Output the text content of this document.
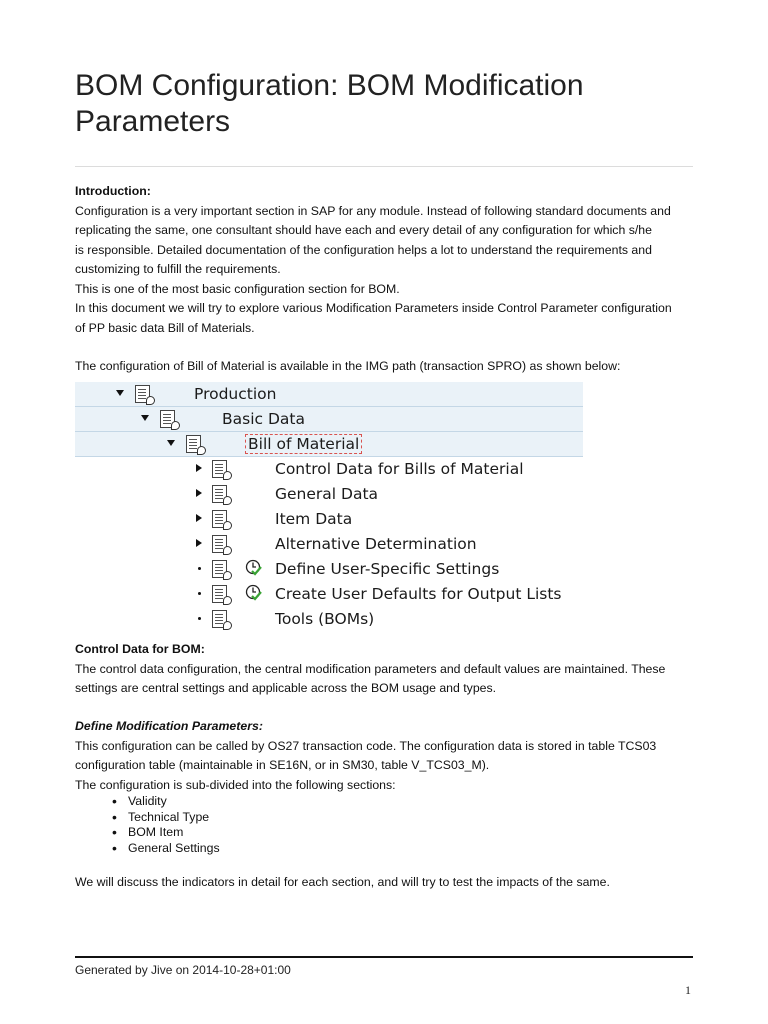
BOM Configuration: BOM Modification
Parameters
Introduction:
Configuration is a very important section in SAP for any module. Instead of following standard documents and
replicating the same, one consultant should have each and every detail of any configuration for which s/he
is responsible. Detailed documentation of the configuration helps a lot to understand the requirements and
customizing to fulfill the requirements.
This is one of the most basic configuration section for BOM.
In this document we will try to explore various Modification Parameters inside Control Parameter configuration
of PP basic data Bill of Materials.
The configuration of Bill of Material is available in the IMG path (transaction SPRO) as shown below:
Production
Basic Data
Bill of Material
Control Data for Bills of Material
General Data
Item Data
Alternative Determination
Define User-Specific Settings
Create User Defaults for Output Lists
Tools (BOMs)
Control Data for BOM:
The control data configuration, the central modification parameters and default values are maintained. These
settings are central settings and applicable across the BOM usage and types.
Define Modification Parameters:
This configuration can be called by OS27 transaction code. The configuration data is stored in table TCS03
configuration table (maintainable in SE16N, or in SM30, table V_TCS03_M).
The configuration is sub-divided into the following sections:
• Validity
• Technical Type
• BOM Item
• General Settings
We will discuss the indicators in detail for each section, and will try to test the impacts of the same.
Generated by Jive on 2014-10-28+01:00
1
